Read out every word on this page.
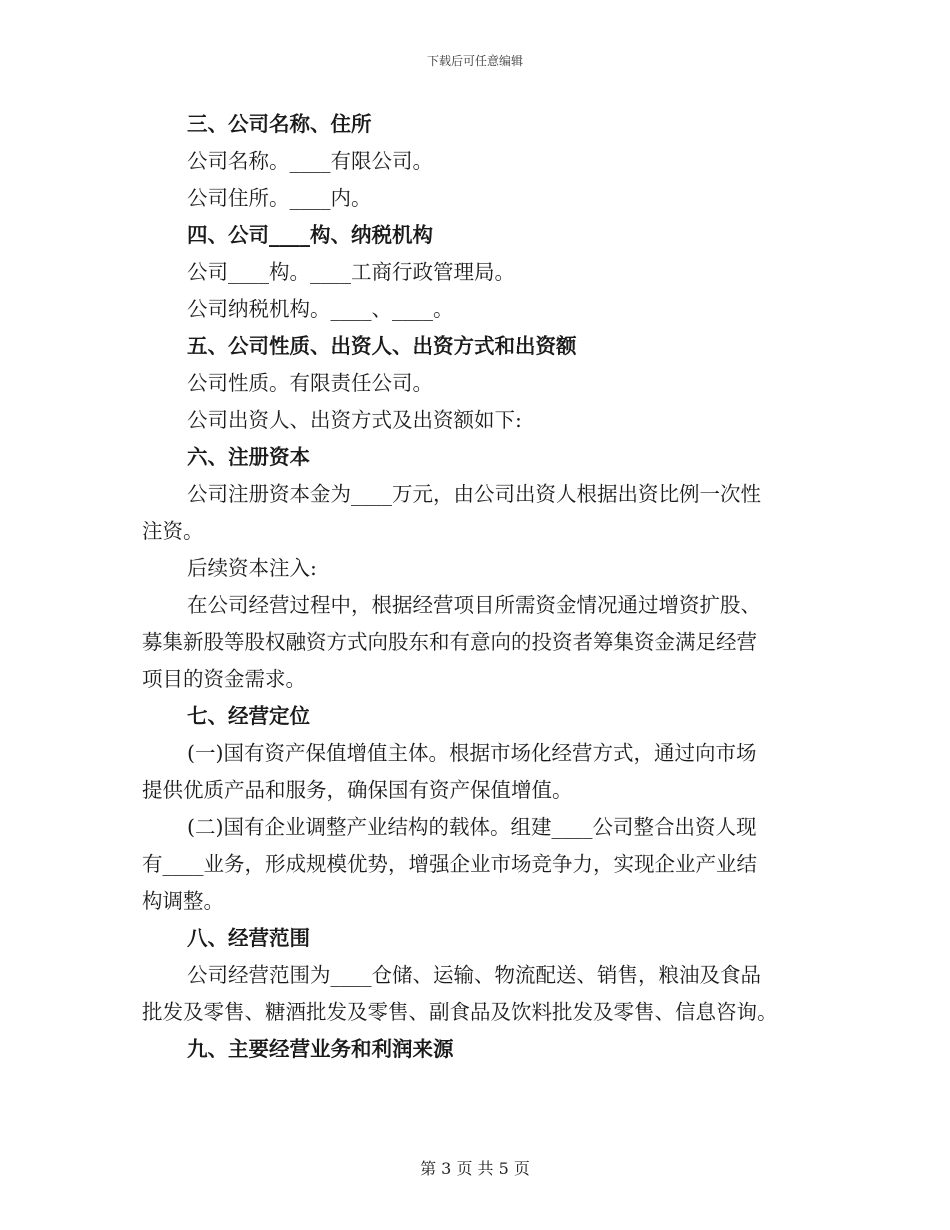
下载后可任意编辑

三、公司名称、住所

公司名称。____有限公司。

公司住所。____内。

四、公司____构、纳税机构

公司____构。____工商行政管理局。

公司纳税机构。____、____。

五、公司性质、出资人、出资方式和出资额

公司性质。有限责任公司。

公司出资人、出资方式及出资额如下:

六、注册资本

公司注册资本金为____万元，由公司出资人根据出资比例一次性

注资。

后续资本注入:

在公司经营过程中，根据经营项目所需资金情况通过增资扩股、

募集新股等股权融资方式向股东和有意向的投资者筹集资金满足经营

项目的资金需求。

七、经营定位

(一)国有资产保值增值主体。根据市场化经营方式，通过向市场

提供优质产品和服务，确保国有资产保值增值。

(二)国有企业调整产业结构的载体。组建____公司整合出资人现

有____业务，形成规模优势，增强企业市场竞争力，实现企业产业结

构调整。

八、经营范围

公司经营范围为____仓储、运输、物流配送、销售，粮油及食品

批发及零售、糖酒批发及零售、副食品及饮料批发及零售、信息咨询。

九、主要经营业务和利润来源

第 3 页 共 5 页
